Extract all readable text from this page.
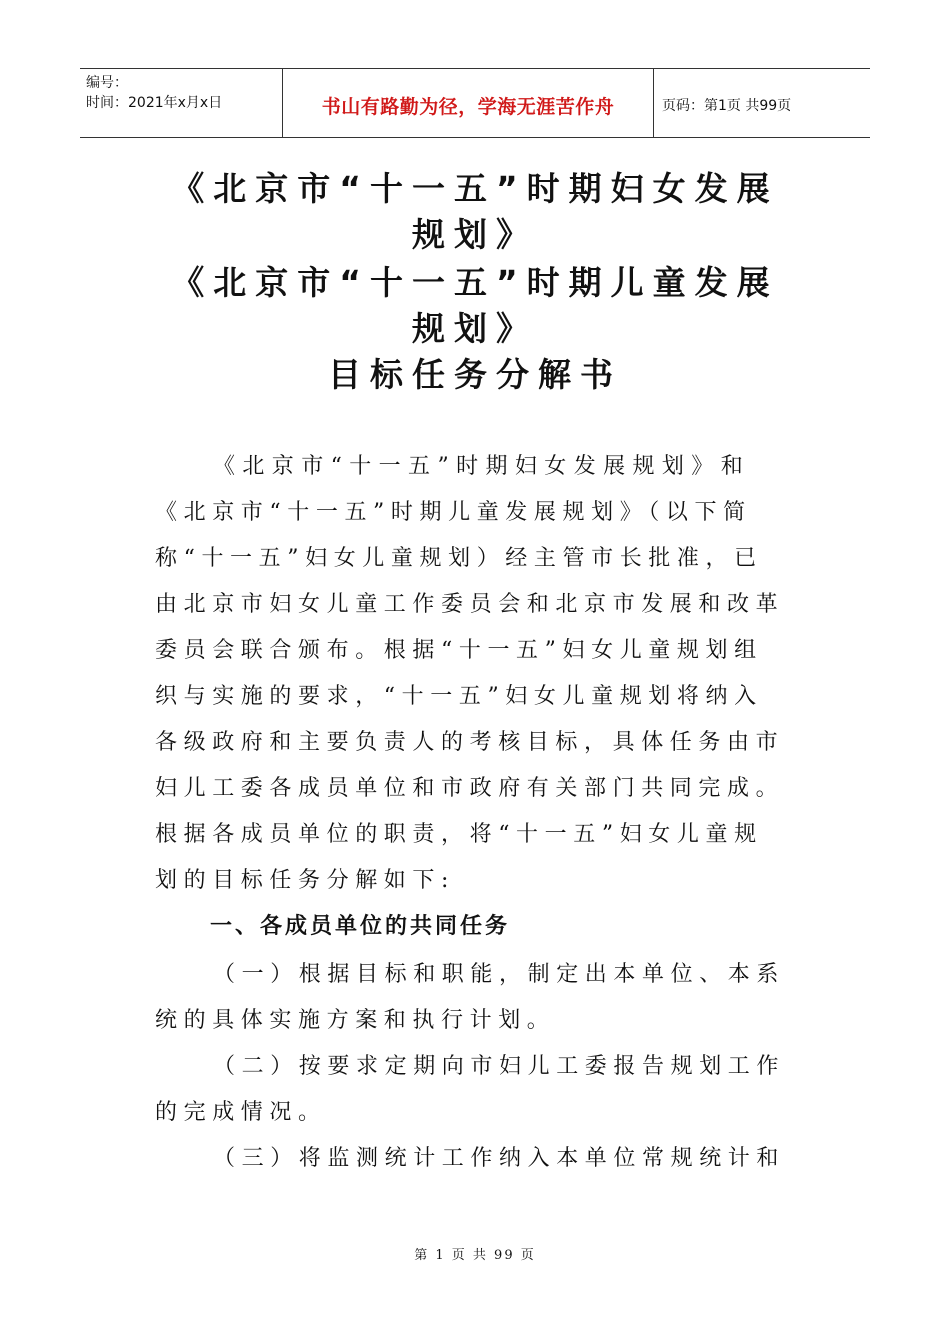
编号：
时间：2021年x月x日	书山有路勤为径，学海无涯苦作舟	页码：第1页 共99页
《北京市“十一五”时期妇女发展
规划》
《北京市“十一五”时期儿童发展
规划》
目标任务分解书
《北京市“十一五”时期妇女发展规划》和
《北京市“十一五”时期儿童发展规划》（以下简
称“十一五”妇女儿童规划）经主管市长批准，已
由北京市妇女儿童工作委员会和北京市发展和改革
委员会联合颁布。根据“十一五”妇女儿童规划组
织与实施的要求，“十一五”妇女儿童规划将纳入
各级政府和主要负责人的考核目标，具体任务由市
妇儿工委各成员单位和市政府有关部门共同完成。
根据各成员单位的职责，将“十一五”妇女儿童规
划的目标任务分解如下:
一、各成员单位的共同任务
（一）根据目标和职能，制定出本单位、本系
统的具体实施方案和执行计划。
（二）按要求定期向市妇儿工委报告规划工作
的完成情况。
（三）将监测统计工作纳入本单位常规统计和
第 1 页 共 99 页
